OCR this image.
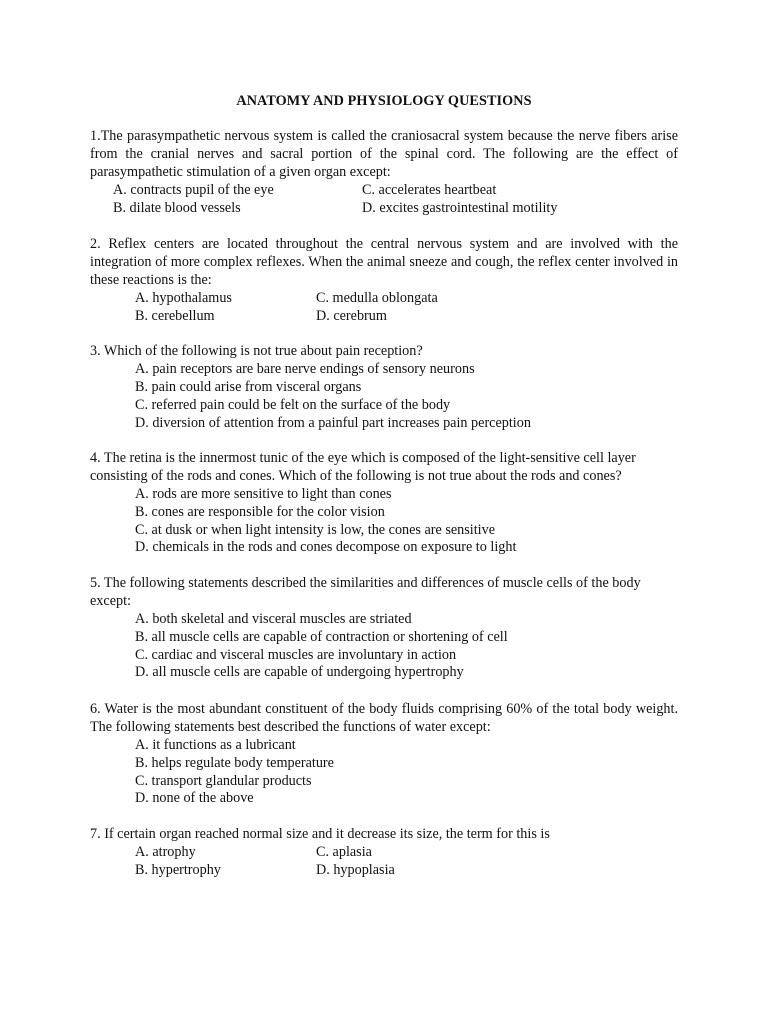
ANATOMY AND PHYSIOLOGY QUESTIONS
1.The parasympathetic nervous system is called the craniosacral system because the nerve fibers arise from the cranial nerves and sacral portion of the spinal cord. The following are the effect of parasympathetic stimulation of a given organ except:
A. contracts pupil of the eye	C. accelerates heartbeat
B. dilate blood vessels	D. excites gastrointestinal motility
2. Reflex centers are located throughout the central nervous system and are involved with the integration of more complex reflexes. When the animal sneeze and cough, the reflex center involved in these reactions is the:
A. hypothalamus	C. medulla oblongata
B. cerebellum	D. cerebrum
3. Which of the following is not true about pain reception?
A. pain receptors are bare nerve endings of sensory neurons
B. pain could arise from visceral organs
C. referred pain could be felt on the surface of the body
D. diversion of attention from a painful part increases pain perception
4. The retina is the innermost tunic of the eye which is composed of the light-sensitive cell layer consisting of the rods and cones. Which of the following is not true about the rods and cones?
A. rods are more sensitive to light than cones
B. cones are responsible for the color vision
C. at dusk or when light intensity is low, the cones are sensitive
D. chemicals in the rods and cones decompose on exposure to light
5. The following statements described the similarities and differences of muscle cells of the body except:
A. both skeletal and visceral muscles are striated
B. all muscle cells are capable of contraction or shortening of cell
C. cardiac and visceral muscles are involuntary in action
D. all muscle cells are capable of undergoing hypertrophy
6. Water is the most abundant constituent of the body fluids comprising 60% of the total body weight. The following statements best described the functions of water except:
A. it functions as a lubricant
B. helps regulate body temperature
C. transport glandular products
D. none of the above
7. If certain organ reached normal size and it decrease its size, the term for this is
A. atrophy	C. aplasia
B. hypertrophy	D. hypoplasia
